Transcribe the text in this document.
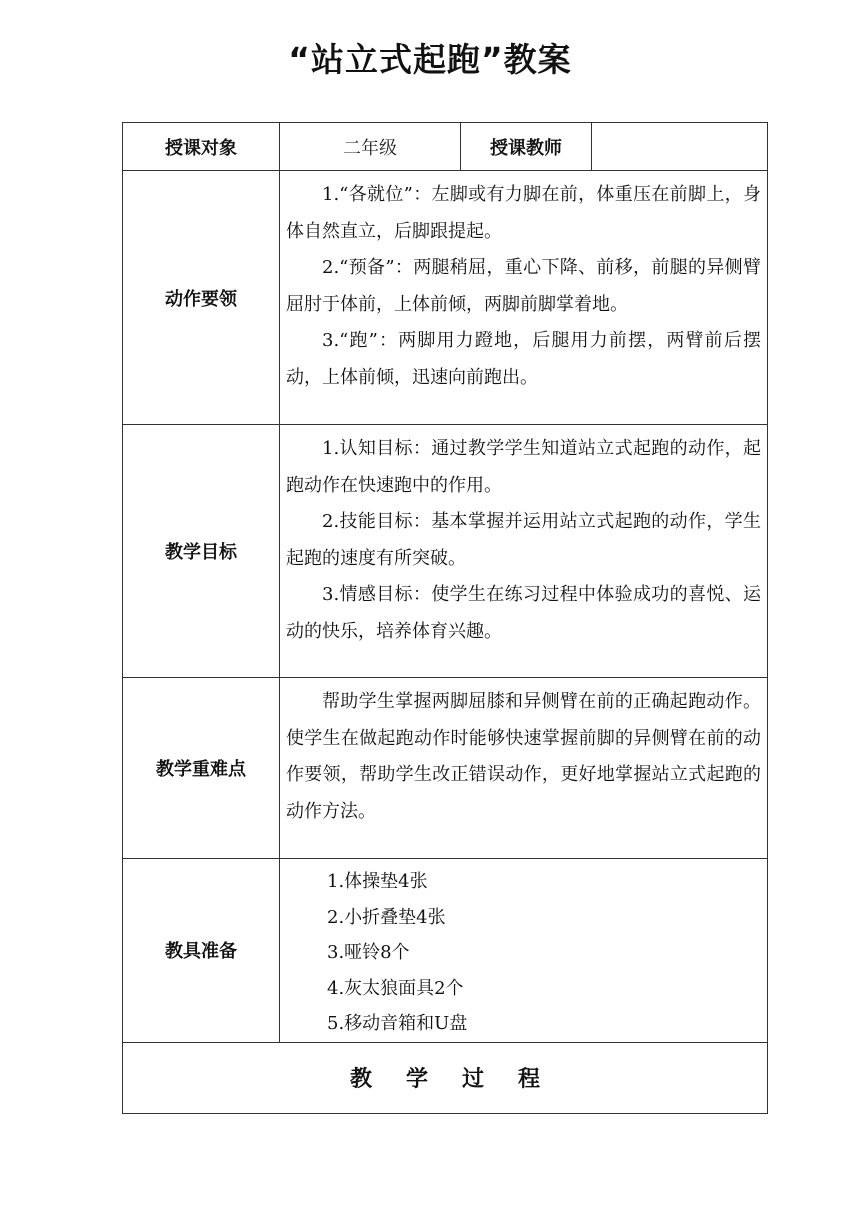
“站立式起跑”教案
授课对象	二年级	授课教师	
动作要领	1.“各就位”：左脚或有力脚在前，体重压在前脚上，身体自然直立，后脚跟提起。

2.“预备”：两腿稍屈，重心下降、前移，前腿的异侧臂屈肘于体前，上体前倾，两脚前脚掌着地。

3.“跑”：两脚用力蹬地，后腿用力前摆，两臂前后摆动，上体前倾，迅速向前跑出。		

教学目标	1.认知目标：通过教学学生知道站立式起跑的动作，起跑动作在快速跑中的作用。

2.技能目标：基本掌握并运用站立式起跑的动作，学生起跑的速度有所突破。

3.情感目标：使学生在练习过程中体验成功的喜悦、运动的快乐，培养体育兴趣。		

教学重难点	帮助学生掌握两脚屈膝和异侧臂在前的正确起跑动作。使学生在做起跑动作时能够快速掌握前脚的异侧臂在前的动作要领，帮助学生改正错误动作，更好地掌握站立式起跑的动作方法。		

教具准备	1.体操垫4张
2.小折叠垫4张
3.哑铃8个
4.灰太狼面具2个
5.移动音箱和U盘		

教 学 过 程			
